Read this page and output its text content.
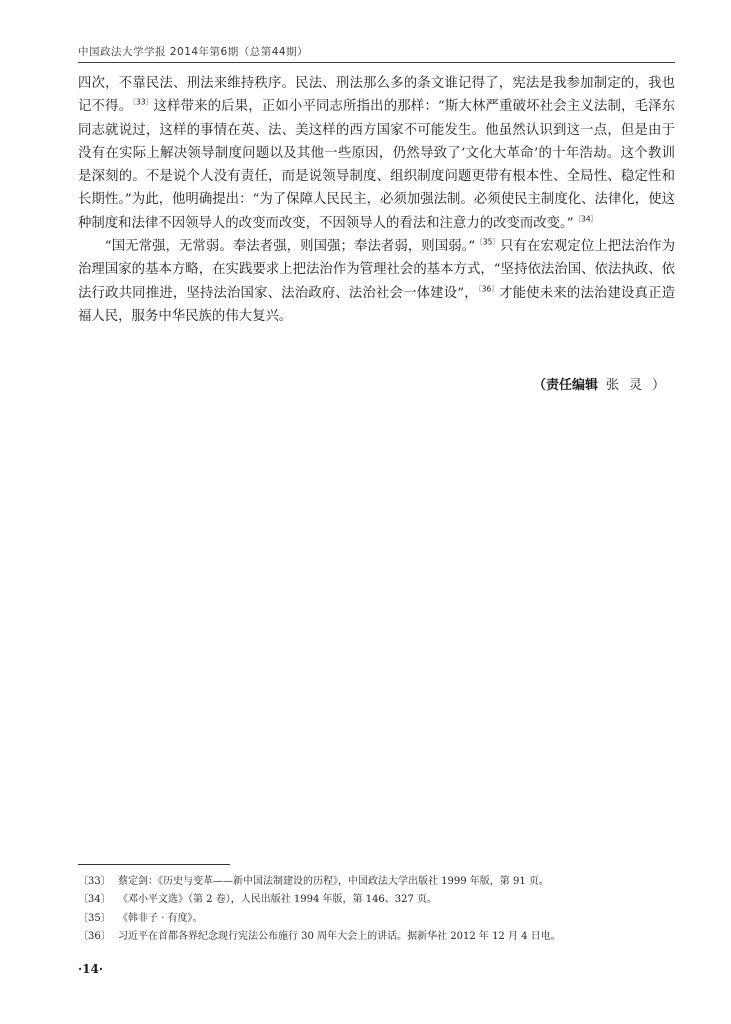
中国政法大学学报 2014年第6期（总第44期）

四次，不靠民法、刑法来维持秩序。民法、刑法那么多的条文谁记得了，宪法是我参加制定的，我也记不得。$^{〔33〕}$这样带来的后果，正如小平同志所指出的那样：“斯大林严重破坏社会主义法制，毛泽东同志就说过，这样的事情在英、法、美这样的西方国家不可能发生。他虽然认识到这一点，但是由于没有在实际上解决领导制度问题以及其他一些原因，仍然导致了‘文化大革命’的十年浩劫。这个教训是深刻的。不是说个人没有责任，而是说领导制度、组织制度问题更带有根本性、全局性、稳定性和长期性。”为此，他明确提出：“为了保障人民民主，必须加强法制。必须使民主制度化、法律化，使这种制度和法律不因领导人的改变而改变，不因领导人的看法和注意力的改变而改变。”$^{〔34〕}$

“国无常强，无常弱。奉法者强，则国强；奉法者弱，则国弱。”$^{〔35〕}$只有在宏观定位上把法治作为治理国家的基本方略，在实践要求上把法治作为管理社会的基本方式，“坚持依法治国、依法执政、依法行政共同推进，坚持法治国家、法治政府、法治社会一体建设”，$^{〔36〕}$才能使未来的法治建设真正造福人民，服务中华民族的伟大复兴。

（责任编辑 张灵）
〔33〕 蔡定剑：《历史与变革——新中国法制建设的历程》，中国政法大学出版社 1999 年版，第 91 页。
〔34〕 《邓小平文选》（第 2 卷），人民出版社 1994 年版，第 146、327 页。
〔35〕 《韩非子 · 有度》。
〔36〕 习近平在首都各界纪念现行宪法公布施行 30 周年大会上的讲话。据新华社 2012 年 12 月 4 日电。
·14·
